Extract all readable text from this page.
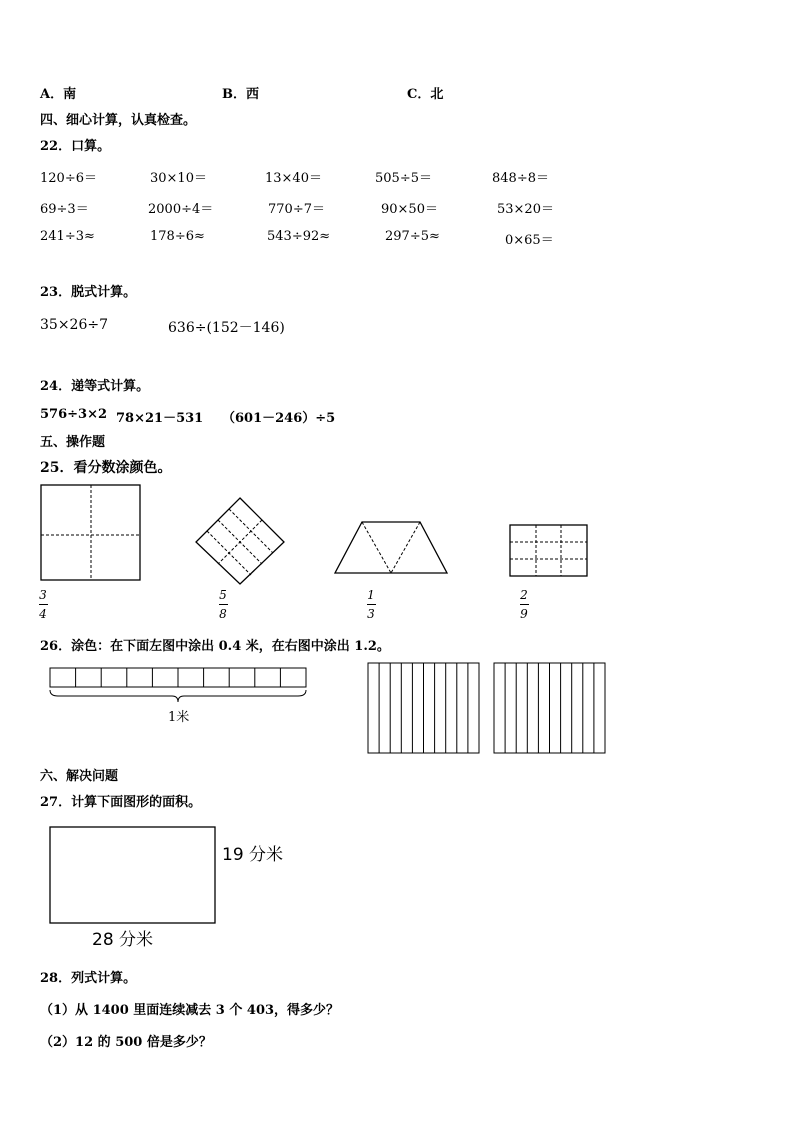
A．南	B．西	C．北
四、细心计算，认真检查。
22．口算。
120÷6＝	30×10＝	13×40＝	505÷5＝	848÷8＝
69÷3＝	2000÷4＝	770÷7＝	90×50＝	53×20＝
241÷3≈	178÷6≈	543÷92≈	297÷5≈	0×65＝
23．脱式计算。
35×26÷7	636÷(152－146)
24．递等式计算。
576÷3×2 78×21－531 （601－246）÷5
五、操作题
25．看分数涂颜色。
3
4
5
8
1
3
2
9
26．涂色：在下面左图中涂出 0.4 米，在右图中涂出 1.2。
1米
六、解决问题
27．计算下面图形的面积。
19 分米
28 分米
28．列式计算。
（1）从 1400 里面连续减去 3 个 403，得多少？
（2）12 的 500 倍是多少？
